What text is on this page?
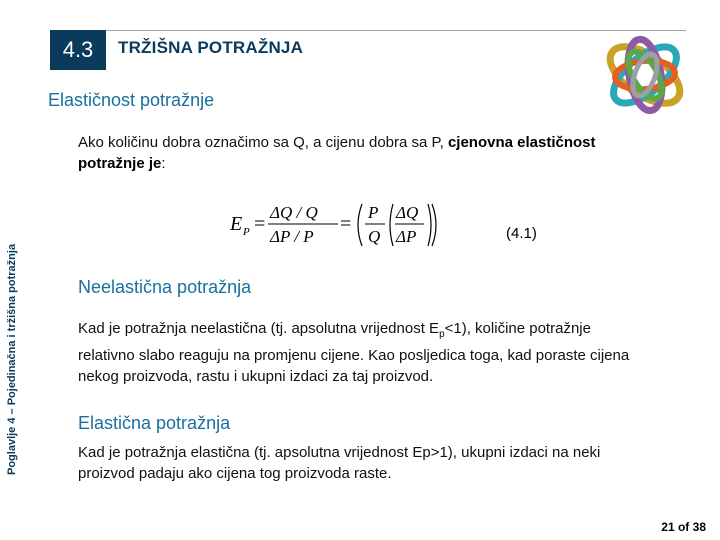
4.3	TRŽIŠNA POTRAŽNJA
Elastičnost potražnje
Poglavlje 4 – Pojedinačna i tržišna potražnja
Ako količinu dobra označimo sa Q, a cijenu dobra sa P, cjenovna elastičnost potražnje je:
E P =
ΔQ / Q
ΔP / P
=
P
Q
ΔQ
ΔP	(4.1)
Neelastična potražnja
Kad je potražnja neelastična (tj. apsolutna vrijednost $E_p<1$), količine potražnje relativno slabo reaguju na promjenu cijene. Kao posljedica toga, kad poraste cijena nekog proizvoda, rastu i ukupni izdaci za taj proizvod.
Elastična potražnja
Kad je potražnja elastična (tj. apsolutna vrijednost Ep>1), ukupni izdaci na neki proizvod padaju ako cijena tog proizvoda raste.
21 of 38
